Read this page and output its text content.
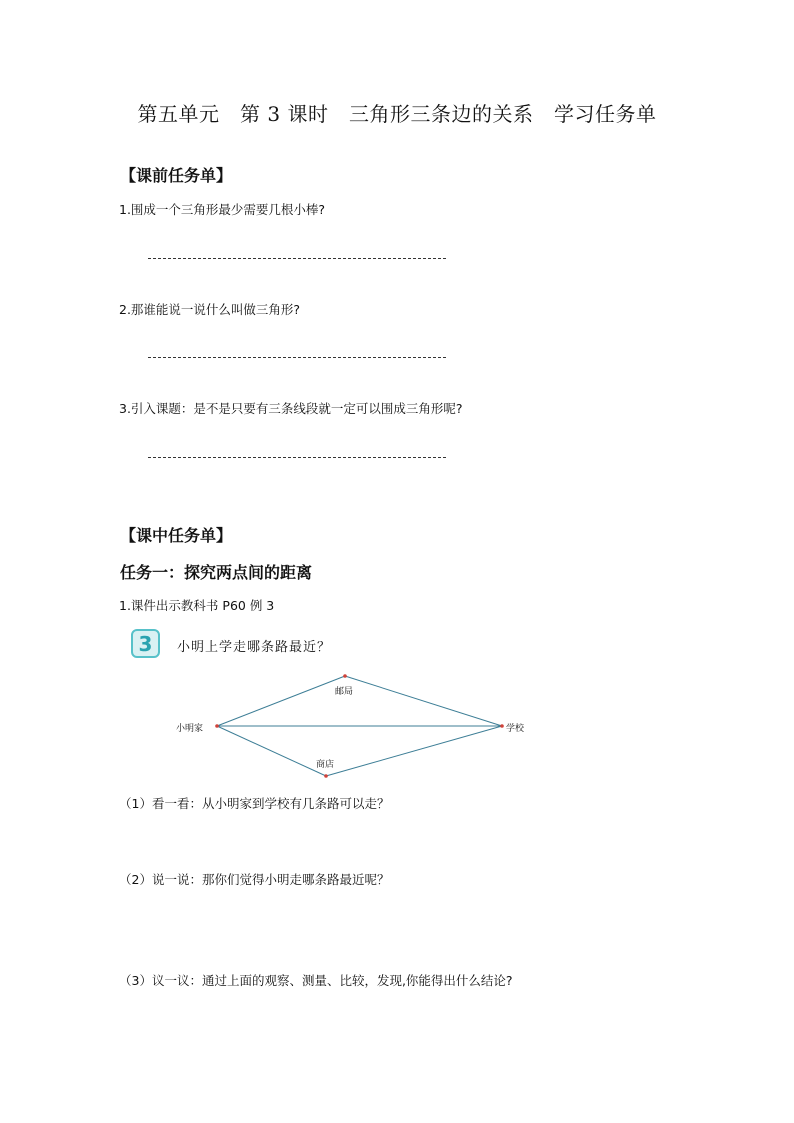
第五单元　第 3 课时　三角形三条边的关系　学习任务单
【课前任务单】
1.围成一个三角形最少需要几根小棒?
2.那谁能说一说什么叫做三角形?
3.引入课题：是不是只要有三条线段就一定可以围成三角形呢?
【课中任务单】
任务一：探究两点间的距离
1.课件出示教科书 P60 例 3
3	小明上学走哪条路最近？
小明家	学校
邮局
商店
（1）看一看：从小明家到学校有几条路可以走？
（2）说一说：那你们觉得小明走哪条路最近呢？
（3）议一议：通过上面的观察、测量、比较，发现,你能得出什么结论?
